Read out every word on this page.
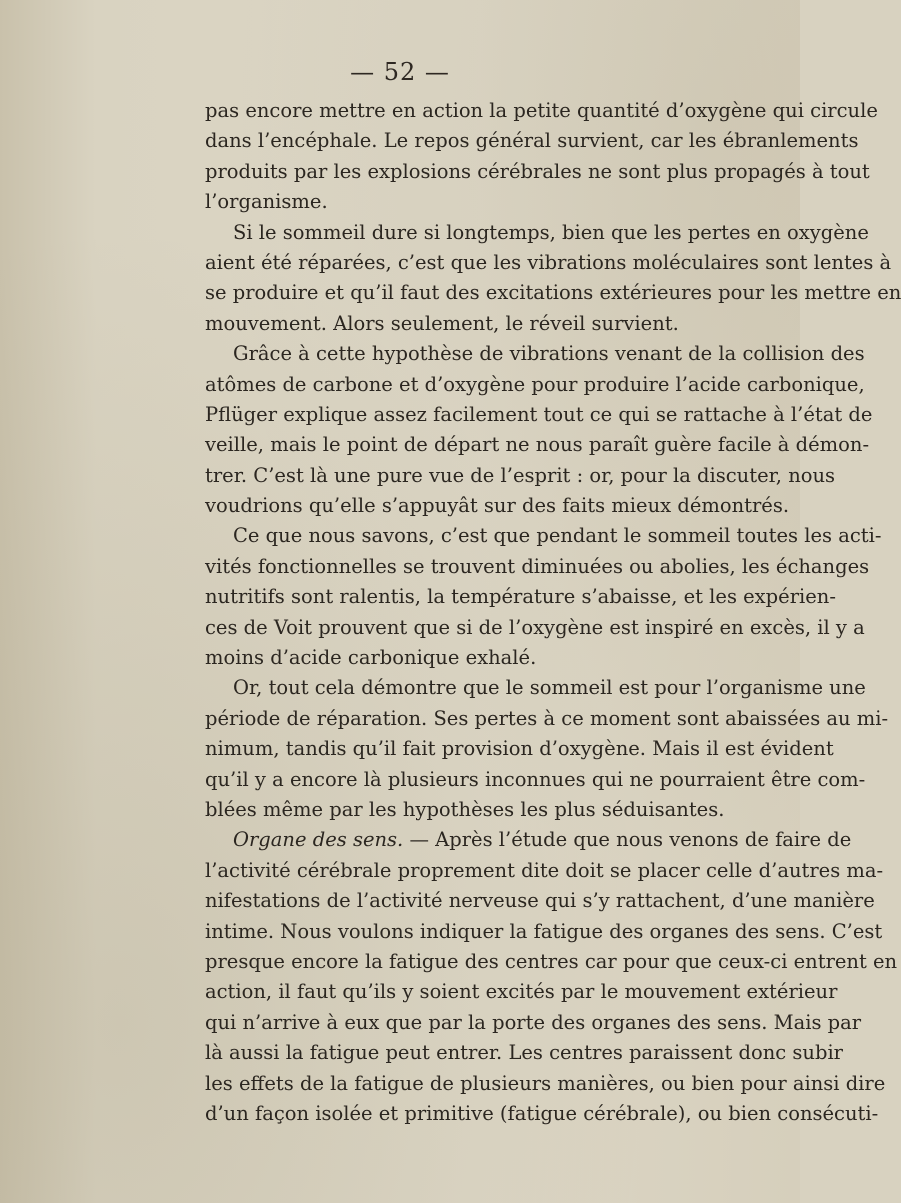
— 52 —
pas encore mettre en action la petite quantité d’oxygène qui circule
dans l’encéphale. Le repos général survient, car les ébranlements
produits par les explosions cérébrales ne sont plus propagés à tout
l’organisme.
Si le sommeil dure si longtemps, bien que les pertes en oxygène
aient été réparées, c’est que les vibrations moléculaires sont lentes à
se produire et qu’il faut des excitations extérieures pour les mettre en
mouvement. Alors seulement, le réveil survient.
Grâce à cette hypothèse de vibrations venant de la collision des
atômes de carbone et d’oxygène pour produire l’acide carbonique,
Pflüger explique assez facilement tout ce qui se rattache à l’état de
veille, mais le point de départ ne nous paraît guère facile à démon-
trer. C’est là une pure vue de l’esprit : or, pour la discuter, nous
voudrions qu’elle s’appuyât sur des faits mieux démontrés.
Ce que nous savons, c’est que pendant le sommeil toutes les acti-
vités fonctionnelles se trouvent diminuées ou abolies, les échanges
nutritifs sont ralentis, la température s’abaisse, et les expérien-
ces de Voit prouvent que si de l’oxygène est inspiré en excès, il y a
moins d’acide carbonique exhalé.
Or, tout cela démontre que le sommeil est pour l’organisme une
période de réparation. Ses pertes à ce moment sont abaissées au mi-
nimum, tandis qu’il fait provision d’oxygène. Mais il est évident
qu’il y a encore là plusieurs inconnues qui ne pourraient être com-
blées même par les hypothèses les plus séduisantes.
Organe des sens. — Après l’étude que nous venons de faire de
l’activité cérébrale proprement dite doit se placer celle d’autres ma-
nifestations de l’activité nerveuse qui s’y rattachent, d’une manière
intime. Nous voulons indiquer la fatigue des organes des sens. C’est
presque encore la fatigue des centres car pour que ceux-ci entrent en
action, il faut qu’ils y soient excités par le mouvement extérieur
qui n’arrive à eux que par la porte des organes des sens. Mais par
là aussi la fatigue peut entrer. Les centres paraissent donc subir
les effets de la fatigue de plusieurs manières, ou bien pour ainsi dire
d’un façon isolée et primitive (fatigue cérébrale), ou bien consécuti-
